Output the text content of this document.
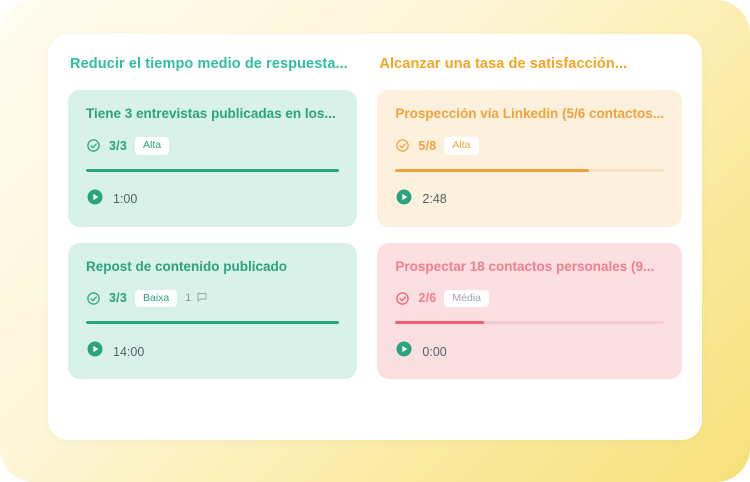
Reducir el tiempo medio de respuesta...
Tiene 3 entrevistas publicadas en los...
3/3	Alta
1:00
Repost de contenido publicado
3/3	Baixa	1
14:00
Alcanzar una tasa de satisfacción...
Prospección vía Linkedin (5/6 contactos...
5/8	Alta
2:48
Prospectar 18 contactos personales (9...
2/6	Média
0:00
